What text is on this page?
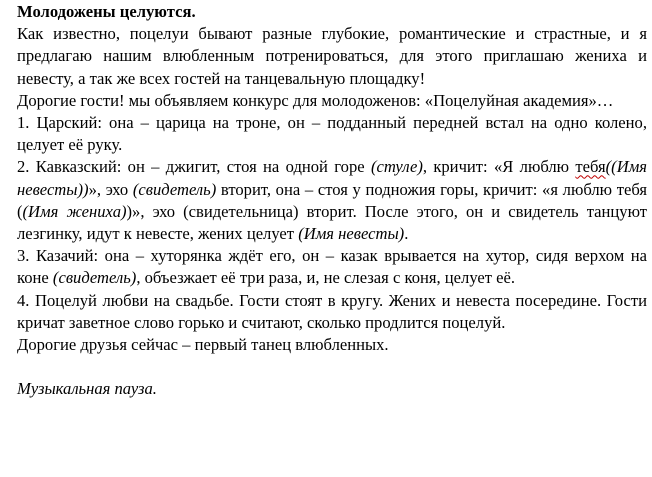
Молодожены целуются.

Как известно, поцелуи бывают разные глубокие, романтические и страстные, и я предлагаю нашим влюбленным потренироваться, для этого приглашаю жениха и невесту, а так же всех гостей на танцевальную площадку!

Дорогие гости! мы объявляем конкурс для молодоженов: «Поцелуйная академия»…

1. Царский: она – царица на троне, он – подданный передней встал на одно колено, целует её руку.

2. Кавказский: он – джигит, стоя на одной горе (стуле), кричит: «Я люблю тебя((Имя невесты))», эхо (свидетель) вторит, она – стоя у подножия горы, кричит: «я люблю тебя ((Имя жениха))», эхо (свидетельница) вторит. После этого, он и свидетель танцуют лезгинку, идут к невесте, жених целует (Имя невесты).

3. Казачий: она – хуторянка ждёт его, он – казак врывается на хутор, сидя верхом на коне (свидетель), объезжает её три раза, и, не слезая с коня, целует её.

4. Поцелуй любви на свадьбе. Гости стоят в кругу. Жених и невеста посередине. Гости кричат заветное слово горько и считают, сколько продлится поцелуй.

Дорогие друзья сейчас – первый танец влюбленных.

Музыкальная пауза.
